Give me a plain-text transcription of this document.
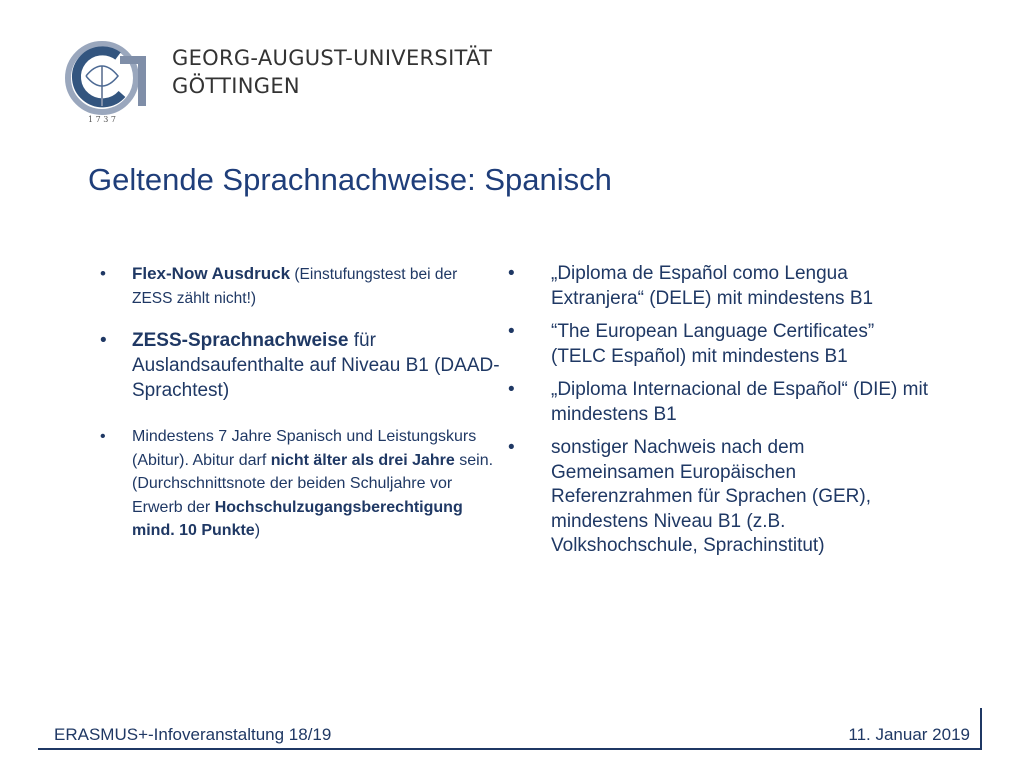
1 7 3 7
GEORG-AUGUST-UNIVERSITÄT
GÖTTINGEN
Geltende Sprachnachweise: Spanisch
• Flex-Now Ausdruck (Einstufungstest bei der ZESS zählt nicht!)
• ZESS-Sprachnachweise für Auslandsaufenthalte auf Niveau B1 (DAAD-Sprachtest)
• Mindestens 7 Jahre Spanisch und Leistungskurs (Abitur). Abitur darf nicht älter als drei Jahre sein. (Durchschnittsnote der beiden Schuljahre vor Erwerb der Hochschulzugangsberechtigung mind. 10 Punkte)
• „Diploma de Español como Lengua Extranjera“ (DELE) mit mindestens B1
• “The European Language Certificates” (TELC Español) mit mindestens B1
• „Diploma Internacional de Español“ (DIE) mit mindestens B1
• sonstiger Nachweis nach dem Gemeinsamen Europäischen Referenzrahmen für Sprachen (GER), mindestens Niveau B1 (z.B. Volkshochschule, Sprachinstitut)
ERASMUS+-Infoveranstaltung 18/19	11. Januar 2019
